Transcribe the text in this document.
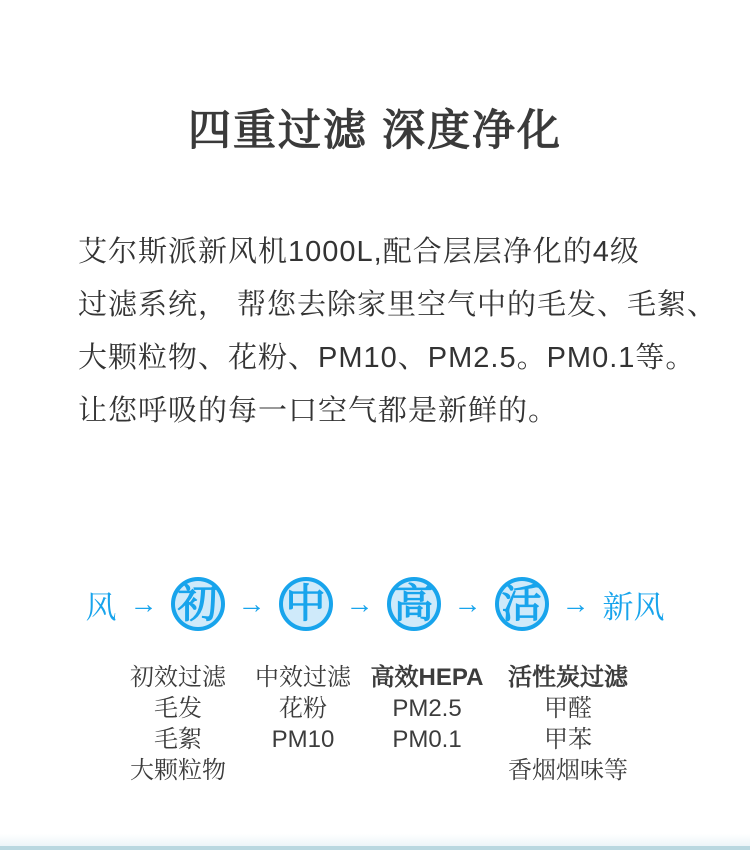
四重过滤 深度净化
艾尔斯派新风机1000L,配合层层净化的4级
过滤系统， 帮您去除家里空气中的毛发、毛絮、
大颗粒物、花粉、PM10、PM2.5。PM0.1等。
让您呼吸的每一口空气都是新鲜的。
风 → 初 → 中 → 高 → 活 → 新风
初效过滤
毛发
毛絮
大颗粒物
中效过滤
花粉
PM10
高效HEPA
PM2.5
PM0.1
活性炭过滤
甲醛
甲苯
香烟烟味等
